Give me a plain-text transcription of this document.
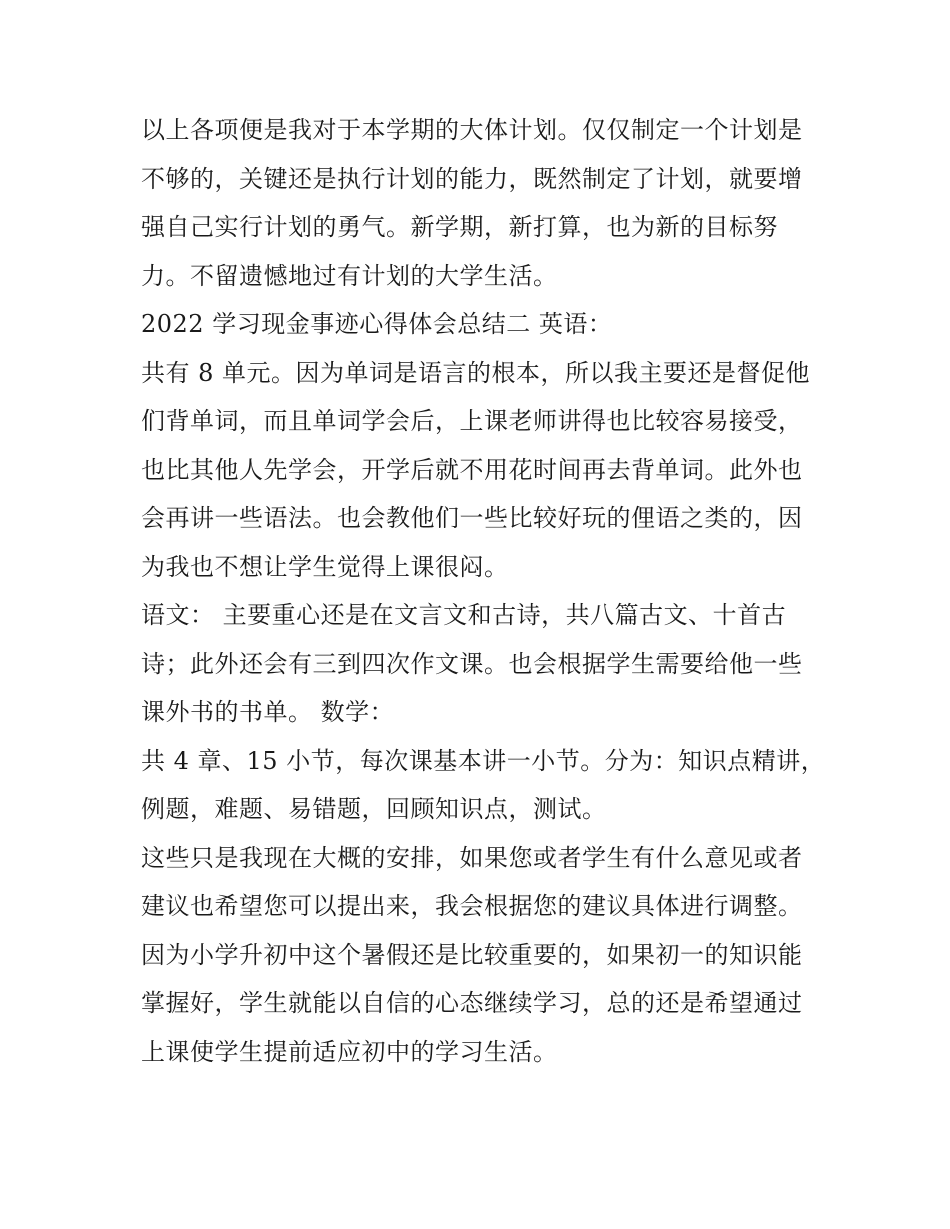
以上各项便是我对于本学期的大体计划。仅仅制定一个计划是
不够的，关键还是执行计划的能力，既然制定了计划，就要增
强自己实行计划的勇气。新学期，新打算，也为新的目标努
力。不留遗憾地过有计划的大学生活。
2022 学习现金事迹心得体会总结二 英语：
共有 8 单元。因为单词是语言的根本，所以我主要还是督促他
们背单词，而且单词学会后，上课老师讲得也比较容易接受，
也比其他人先学会，开学后就不用花时间再去背单词。此外也
会再讲一些语法。也会教他们一些比较好玩的俚语之类的，因
为我也不想让学生觉得上课很闷。
语文： 主要重心还是在文言文和古诗，共八篇古文、十首古
诗；此外还会有三到四次作文课。也会根据学生需要给他一些
课外书的书单。 数学：
共 4 章、15 小节，每次课基本讲一小节。分为：知识点精讲，
例题，难题、易错题，回顾知识点，测试。
这些只是我现在大概的安排，如果您或者学生有什么意见或者
建议也希望您可以提出来，我会根据您的建议具体进行调整。
因为小学升初中这个暑假还是比较重要的，如果初一的知识能
掌握好，学生就能以自信的心态继续学习，总的还是希望通过
上课使学生提前适应初中的学习生活。
